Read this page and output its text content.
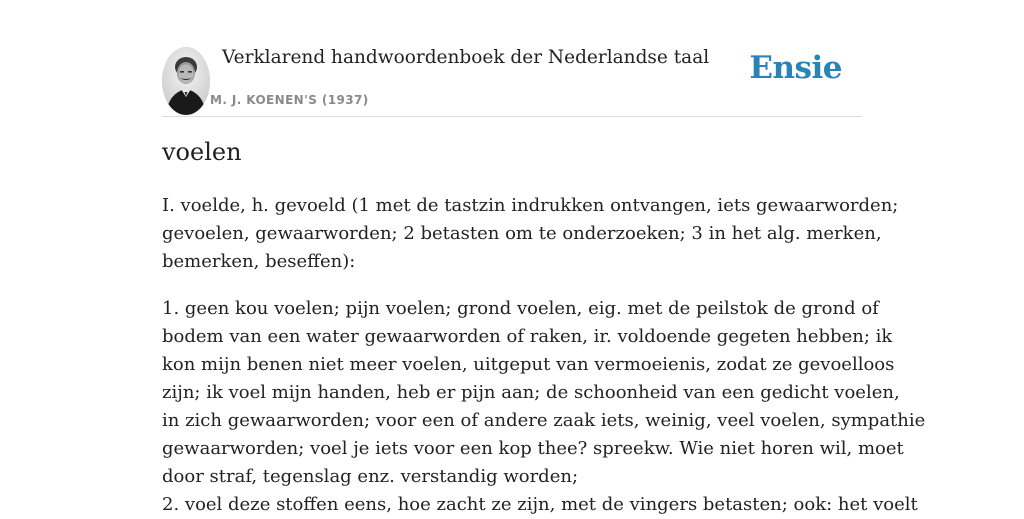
Verklarend handwoordenboek der Nederlandse taal
M. J. KOENEN'S (1937)
Ensie
voelen

I. voelde, h. gevoeld (1 met de tastzin indrukken ontvangen, iets gewaarworden;

gevoelen, gewaarworden; 2 betasten om te onderzoeken; 3 in het alg. merken,

bemerken, beseffen):

1. geen kou voelen; pijn voelen; grond voelen, eig. met de peilstok de grond of

bodem van een water gewaarworden of raken, ir. voldoende gegeten hebben; ik

kon mijn benen niet meer voelen, uitgeput van vermoeienis, zodat ze gevoelloos

zijn; ik voel mijn handen, heb er pijn aan; de schoonheid van een gedicht voelen,

in zich gewaarworden; voor een of andere zaak iets, weinig, veel voelen, sympathie

gewaarworden; voel je iets voor een kop thee? spreekw. Wie niet horen wil, moet

door straf, tegenslag enz. verstandig worden;

2. voel deze stoffen eens, hoe zacht ze zijn, met de vingers betasten; ook: het voelt
